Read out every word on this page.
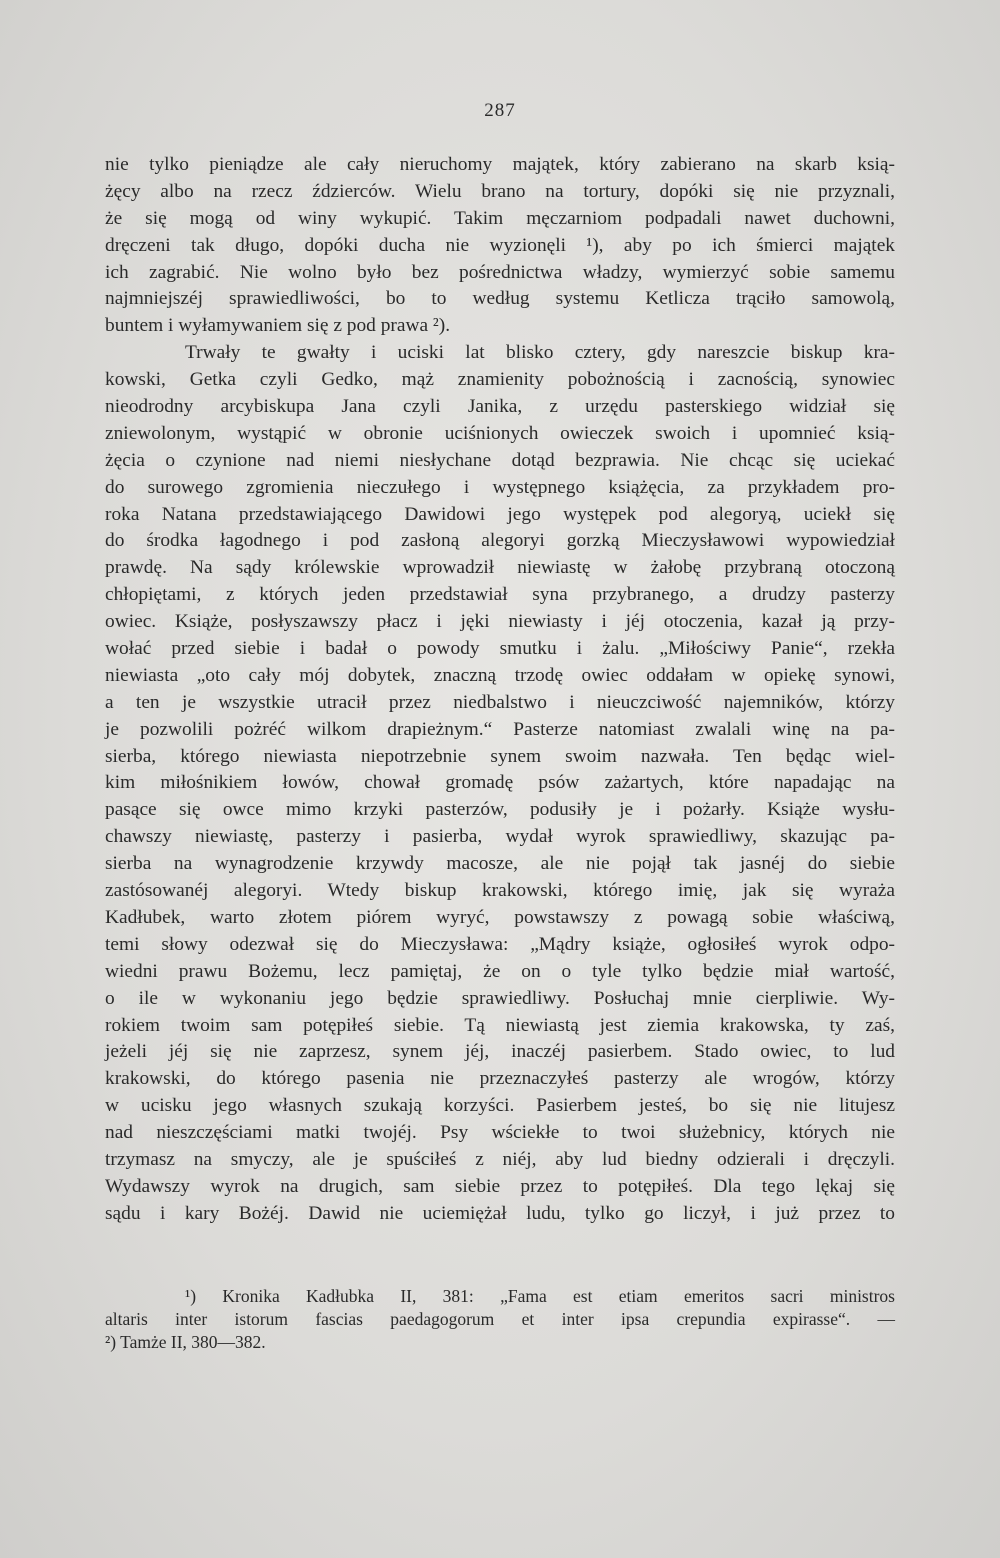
287
nie tylko pieniądze ale cały nieruchomy majątek, który zabierano na skarb ksią-
żęcy albo na rzecz ździerców. Wielu brano na tortury, dopóki się nie przyznali,
że się mogą od winy wykupić. Takim męczarniom podpadali nawet duchowni,
dręczeni tak długo, dopóki ducha nie wyzionęli ¹), aby po ich śmierci majątek
ich zagrabić. Nie wolno było bez pośrednictwa władzy, wymierzyć sobie samemu
najmniejszéj sprawiedliwości, bo to według systemu Ketlicza trąciło samowolą,
buntem i wyłamywaniem się z pod prawa ²).
Trwały te gwałty i uciski lat blisko cztery, gdy nareszcie biskup kra-
kowski, Getka czyli Gedko, mąż znamienity pobożnością i zacnością, synowiec
nieodrodny arcybiskupa Jana czyli Janika, z urzędu pasterskiego widział się
zniewolonym, wystąpić w obronie uciśnionych owieczek swoich i upomnieć ksią-
żęcia o czynione nad niemi niesłychane dotąd bezprawia. Nie chcąc się uciekać
do surowego zgromienia nieczułego i występnego książęcia, za przykładem pro-
roka Natana przedstawiającego Dawidowi jego występek pod alegoryą, uciekł się
do środka łagodnego i pod zasłoną alegoryi gorzką Mieczysławowi wypowiedział
prawdę. Na sądy królewskie wprowadził niewiastę w żałobę przybraną otoczoną
chłopiętami, z których jeden przedstawiał syna przybranego, a drudzy pasterzy
owiec. Książe, posłyszawszy płacz i jęki niewiasty i jéj otoczenia, kazał ją przy-
wołać przed siebie i badał o powody smutku i żalu. „Miłościwy Panie“, rzekła
niewiasta „oto cały mój dobytek, znaczną trzodę owiec oddałam w opiekę synowi,
a ten je wszystkie utracił przez niedbalstwo i nieuczciwość najemników, którzy
je pozwolili pożréć wilkom drapieżnym.“ Pasterze natomiast zwalali winę na pa-
sierba, którego niewiasta niepotrzebnie synem swoim nazwała. Ten będąc wiel-
kim miłośnikiem łowów, chował gromadę psów zażartych, które napadając na
pasące się owce mimo krzyki pasterzów, podusiły je i pożarły. Książe wysłu-
chawszy niewiastę, pasterzy i pasierba, wydał wyrok sprawiedliwy, skazując pa-
sierba na wynagrodzenie krzywdy macosze, ale nie pojął tak jasnéj do siebie
zastósowanéj alegoryi. Wtedy biskup krakowski, którego imię, jak się wyraża
Kadłubek, warto złotem piórem wyryć, powstawszy z powagą sobie właściwą,
temi słowy odezwał się do Mieczysława: „Mądry książe, ogłosiłeś wyrok odpo-
wiedni prawu Bożemu, lecz pamiętaj, że on o tyle tylko będzie miał wartość,
o ile w wykonaniu jego będzie sprawiedliwy. Posłuchaj mnie cierpliwie. Wy-
rokiem twoim sam potępiłeś siebie. Tą niewiastą jest ziemia krakowska, ty zaś,
jeżeli jéj się nie zaprzesz, synem jéj, inaczéj pasierbem. Stado owiec, to lud
krakowski, do którego pasenia nie przeznaczyłeś pasterzy ale wrogów, którzy
w ucisku jego własnych szukają korzyści. Pasierbem jesteś, bo się nie litujesz
nad nieszczęściami matki twojéj. Psy wściekłe to twoi służebnicy, których nie
trzymasz na smyczy, ale je spuściłeś z niéj, aby lud biedny odzierali i dręczyli.
Wydawszy wyrok na drugich, sam siebie przez to potępiłeś. Dla tego lękaj się
sądu i kary Bożéj. Dawid nie uciemiężał ludu, tylko go liczył, i już przez to
¹) Kronika Kadłubka II, 381: „Fama est etiam emeritos sacri ministros
altaris inter istorum fascias paedagogorum et inter ipsa crepundia expirasse“. —
²) Tamże II, 380—382.
